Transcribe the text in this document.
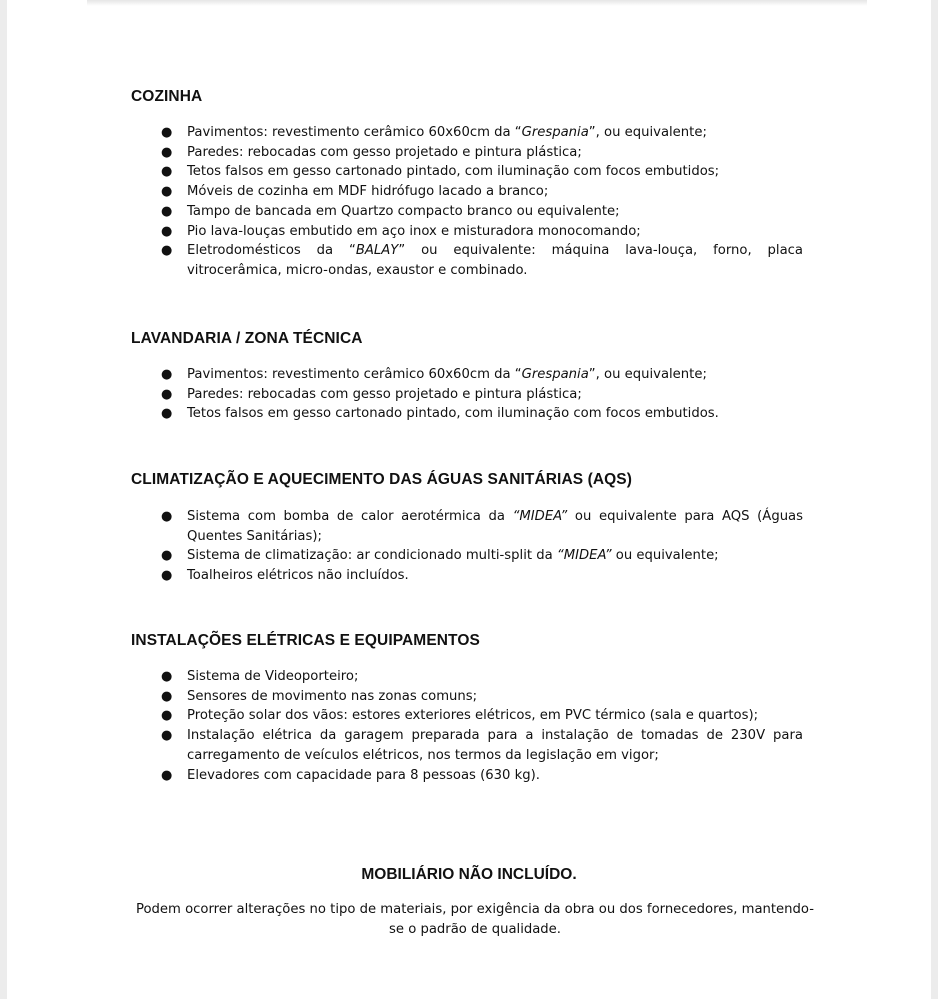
COZINHA
● Pavimentos: revestimento cerâmico 60x60cm da “Grespania”, ou equivalente;
● Paredes: rebocadas com gesso projetado e pintura plástica;
● Tetos falsos em gesso cartonado pintado, com iluminação com focos embutidos;
● Móveis de cozinha em MDF hidrófugo lacado a branco;
● Tampo de bancada em Quartzo compacto branco ou equivalente;
● Pio lava-louças embutido em aço inox e misturadora monocomando;
● Eletrodomésticos da “BALAY” ou equivalente: máquina lava-louça, forno, placa vitrocerâmica, micro-ondas, exaustor e combinado.
LAVANDARIA / ZONA TÉCNICA
● Pavimentos: revestimento cerâmico 60x60cm da “Grespania”, ou equivalente;
● Paredes: rebocadas com gesso projetado e pintura plástica;
● Tetos falsos em gesso cartonado pintado, com iluminação com focos embutidos.
CLIMATIZAÇÃO E AQUECIMENTO DAS ÁGUAS SANITÁRIAS (AQS)
● Sistema com bomba de calor aerotérmica da “MIDEA” ou equivalente para AQS (Águas Quentes Sanitárias);
● Sistema de climatização: ar condicionado multi-split da “MIDEA” ou equivalente;
● Toalheiros elétricos não incluídos.
INSTALAÇÕES ELÉTRICAS E EQUIPAMENTOS
● Sistema de Videoporteiro;
● Sensores de movimento nas zonas comuns;
● Proteção solar dos vãos: estores exteriores elétricos, em PVC térmico (sala e quartos);
● Instalação elétrica da garagem preparada para a instalação de tomadas de 230V para carregamento de veículos elétricos, nos termos da legislação em vigor;
● Elevadores com capacidade para 8 pessoas (630 kg).
MOBILIÁRIO NÃO INCLUÍDO.
Podem ocorrer alterações no tipo de materiais, por exigência da obra ou dos fornecedores, mantendo-se o padrão de qualidade.
